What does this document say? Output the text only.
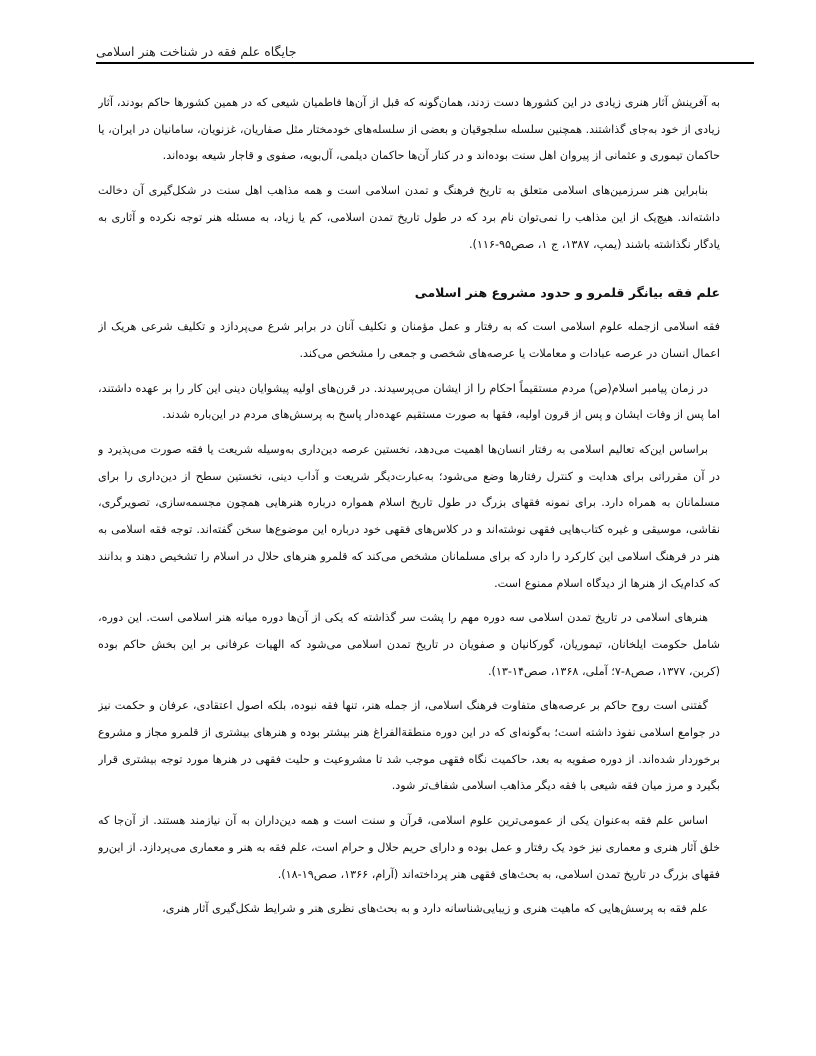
جایگاه علم فقه در شناخت هنر اسلامی

به آفرینش آثار هنری زیادی در این کشورها دست زدند، همان‌گونه که قبل از آن‌ها فاطمیان شیعی که در همین کشورها حاکم بودند، آثار زیادی از خود به‌جای گذاشتند. همچنین سلسله سلجوقیان و بعضی از سلسله‌های خودمختار مثل صفاریان، غزنویان، سامانیان در ایران، یا حاکمان تیموری و عثمانی از پیروان اهل سنت بوده‌اند و در کنار آن‌ها حاکمان دیلمی، آل‌بویه، صفوی و قاجار شیعه بوده‌اند.

بنابراین هنر سرزمین‌های اسلامی متعلق به تاریخ فرهنگ و تمدن اسلامی است و همه مذاهب اهل سنت در شکل‌گیری آن دخالت داشته‌اند. هیچ‌یک از این مذاهب را نمی‌توان نام برد که در طول تاریخ تمدن اسلامی، کم یا زیاد، به مسئله هنر توجه نکرده و آثاری به یادگار نگذاشته باشند (یمپ، ۱۳۸۷، ج ۱، صص۹۵-۱۱۶).

علم فقه بیانگر قلمرو و حدود مشروع هنر اسلامی

فقه اسلامی ازجمله علوم اسلامی است که به رفتار و عمل مؤمنان و تکلیف آنان در برابر شرع می‌پردازد و تکلیف شرعی هریک از اعمال انسان در عرصه عبادات و معاملات یا عرصه‌های شخصی و جمعی را مشخص می‌کند.

در زمان پیامبر اسلام(ص) مردم مستقیماً احکام را از ایشان می‌پرسیدند. در قرن‌های اولیه پیشوایان دینی این کار را بر عهده داشتند، اما پس از وفات ایشان و پس از قرون اولیه، فقها به صورت مستقیم عهده‌دار پاسخ به پرسش‌های مردم در این‌باره شدند.

براساس این‌که تعالیم اسلامی به رفتار انسان‌ها اهمیت می‌دهد، نخستین عرصه دین‌داری به‌وسیله شریعت یا فقه صورت می‌پذیرد و در آن مقرراتی برای هدایت و کنترل رفتارها وضع می‌شود؛ به‌عبارت‌دیگر شریعت و آداب دینی، نخستین سطح از دین‌داری را برای مسلمانان به همراه دارد. برای نمونه فقهای بزرگ در طول تاریخ اسلام همواره درباره هنرهایی همچون مجسمه‌سازی، تصویرگری، نقاشی، موسیقی و غیره کتاب‌هایی فقهی نوشته‌اند و در کلاس‌های فقهی خود درباره این موضوع‌ها سخن گفته‌اند. توجه فقه اسلامی به هنر در فرهنگ اسلامی این کارکرد را دارد که برای مسلمانان مشخص می‌کند که قلمرو هنرهای حلال در اسلام را تشخیص دهند و بدانند که کدام‌یک از هنرها از دیدگاه اسلام ممنوع است.

هنرهای اسلامی در تاریخ تمدن اسلامی سه دوره مهم را پشت سر گذاشته که یکی از آن‌ها دوره میانه هنر اسلامی است. این دوره، شامل حکومت ایلخانان، تیموریان، گورکانیان و صفویان در تاریخ تمدن اسلامی می‌شود که الهیات عرفانی بر این بخش حاکم بوده (کربن، ۱۳۷۷، صص۸-۷؛ آملی، ۱۳۶۸، صص۱۴-۱۳).

گفتنی است روح حاکم بر عرصه‌های متفاوت فرهنگ اسلامی، از جمله هنر، تنها فقه نبوده، بلکه اصول اعتقادی، عرفان و حکمت نیز در جوامع اسلامی نفوذ داشته است؛ به‌گونه‌ای که در این دوره منطقةالفراغ هنر بیشتر بوده و هنرهای بیشتری از قلمرو مجاز و مشروع برخوردار شده‌اند. از دوره صفویه به بعد، حاکمیت نگاه فقهی موجب شد تا مشروعیت و حلیت فقهی در هنرها مورد توجه بیشتری قرار بگیرد و مرز میان فقه شیعی با فقه دیگر مذاهب اسلامی شفاف‌تر شود.

اساس علم فقه به‌عنوان یکی از عمومی‌ترین علوم اسلامی، قرآن و سنت است و همه دین‌داران به آن نیازمند هستند. از آن‌جا که خلق آثار هنری و معماری نیز خود یک رفتار و عمل بوده و دارای حریم حلال و حرام است، علم فقه به هنر و معماری می‌پردازد. از این‌رو فقهای بزرگ در تاریخ تمدن اسلامی، به بحث‌های فقهی هنر پرداخته‌اند (آرام، ۱۳۶۶، صص۱۹-۱۸).

علم فقه به پرسش‌هایی که ماهیت هنری و زیبایی‌شناسانه دارد و به بحث‌های نظری هنر و شرایط شکل‌گیری آثار هنری،
